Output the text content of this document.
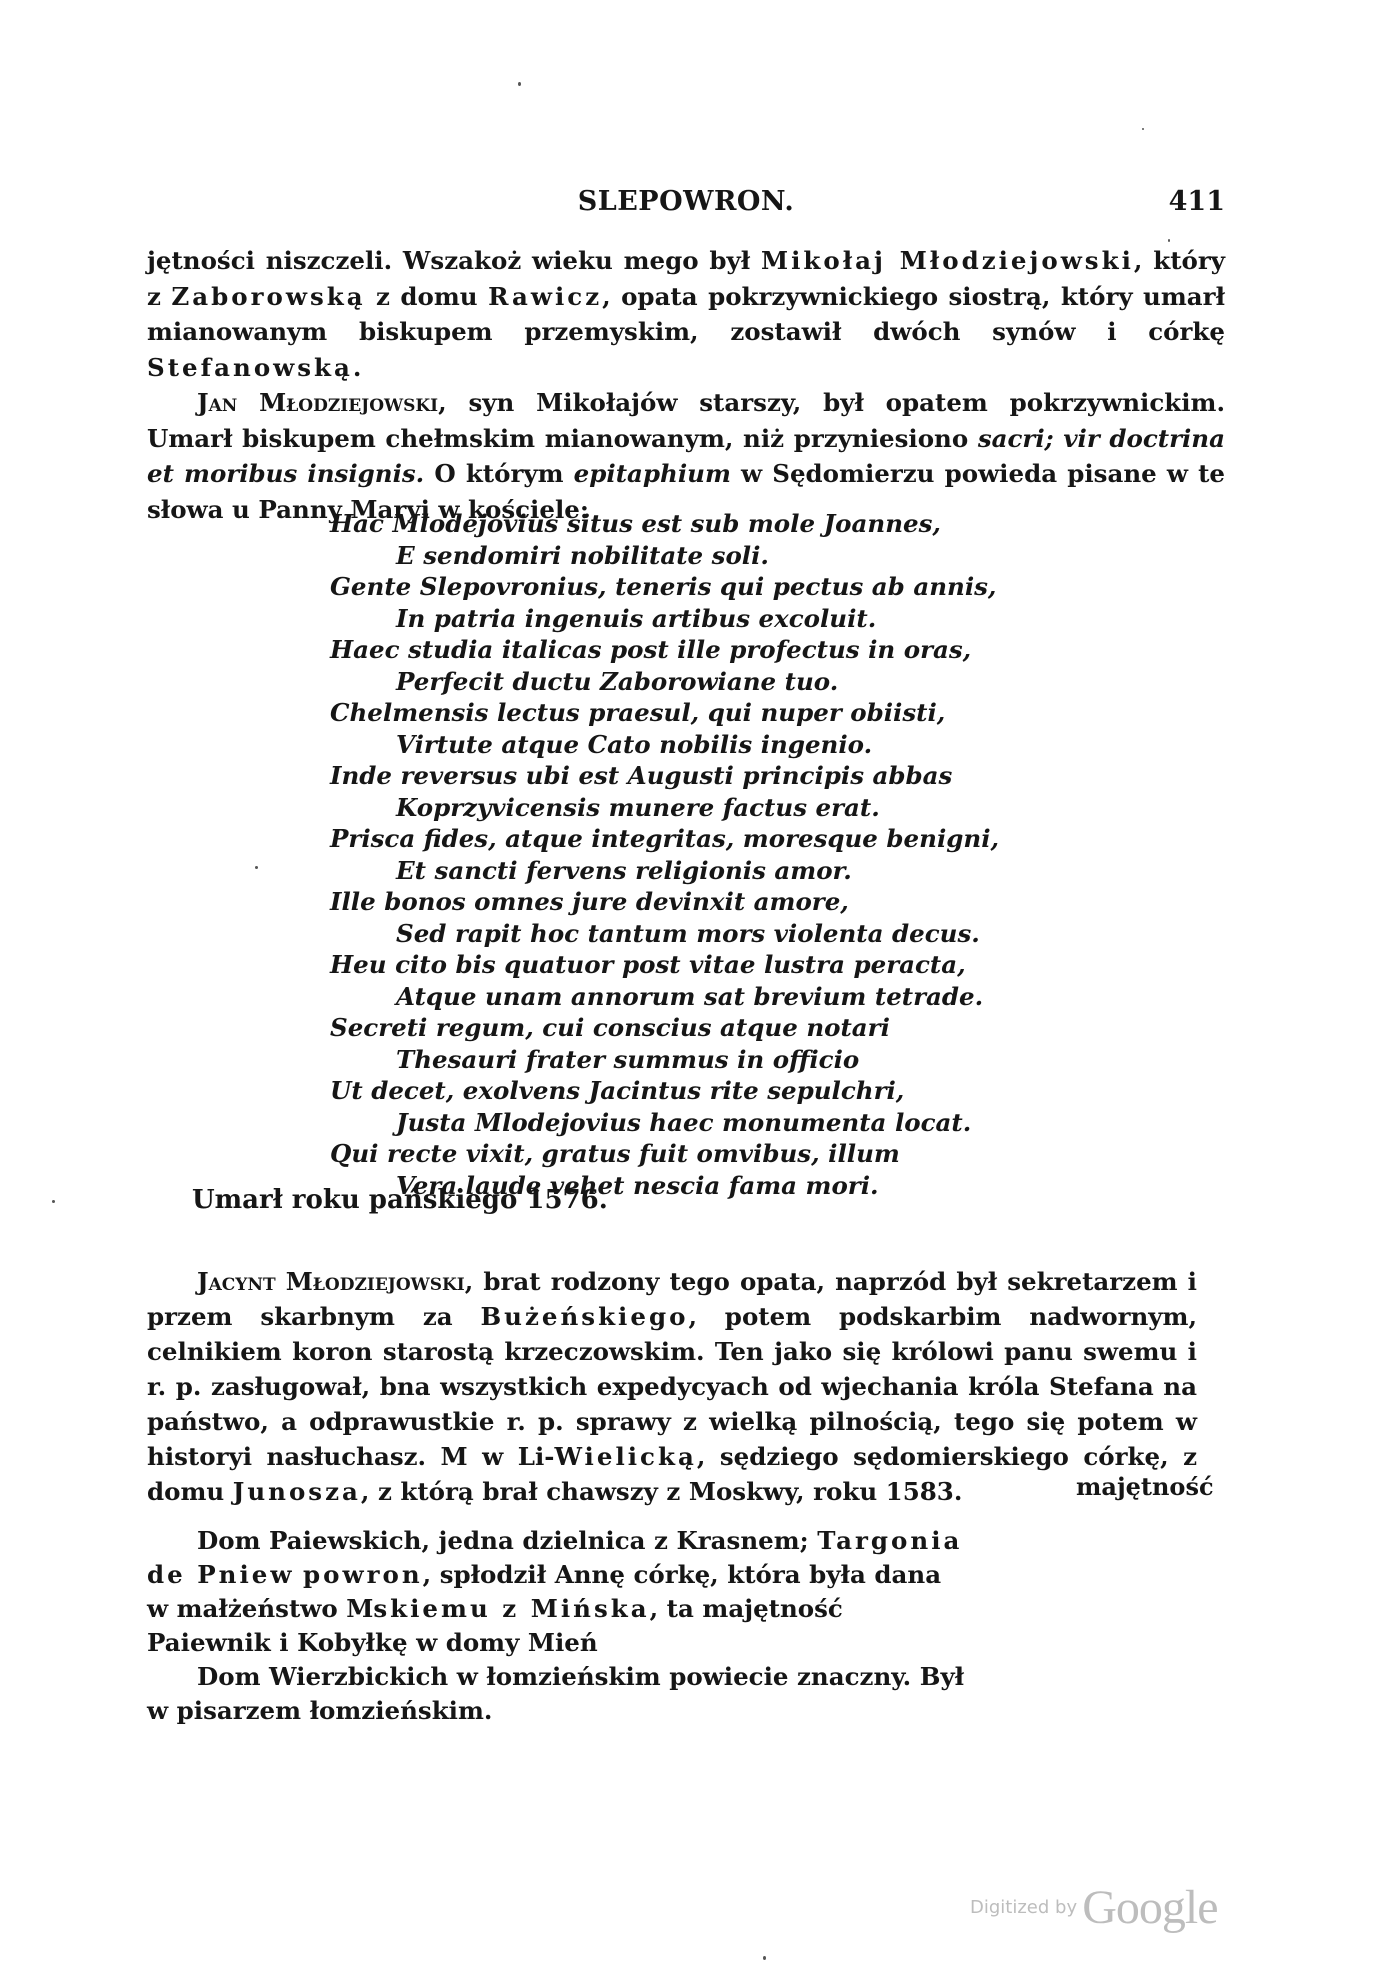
SLEPOWRON.	411

jętności niszczeli. Wszakoż wieku mego był Mikołaj Młodziejowski, który z Zaborowską z domu Rawicz, opata pokrzywnickiego siostrą, który umarł mianowanym biskupem przemyskim, zostawił dwóch synów i córkę Stefanowską.

Jan Młodziejowski, syn Mikołajów starszy, był opatem pokrzywnickim. Umarł biskupem chełmskim mianowanym, niż przyniesiono sacri; vir doctrina et moribus insignis. O którym epitaphium w Sędomierzu powieda pisane w te słowa u Panny Maryi w kościele:

Hac Mlodejovius situs est sub mole Joannes,
E sendomiri nobilitate soli.
Gente Slepovronius, teneris qui pectus ab annis,
In patria ingenuis artibus excoluit.
Haec studia italicas post ille profectus in oras,
Perfecit ductu Zaborowiane tuo.
Chelmensis lectus praesul, qui nuper obiisti,
Virtute atque Cato nobilis ingenio.
Inde reversus ubi est Augusti principis abbas
Koprzyvicensis munere factus erat.
Prisca fides, atque integritas, moresque benigni,
Et sancti fervens religionis amor.
Ille bonos omnes jure devinxit amore,
Sed rapit hoc tantum mors violenta decus.
Heu cito bis quatuor post vitae lustra peracta,
Atque unam annorum sat brevium tetrade.
Secreti regum, cui conscius atque notari
Thesauri frater summus in officio
Ut decet, exolvens Jacintus rite sepulchri,
Justa Mlodejovius haec monumenta locat.
Qui recte vixit, gratus fuit omvibus, illum
Vera laude vehet nescia fama mori.
Umarł roku pańskiego 1576.

Jacynt Młodziejowski, brat rodzony tego opata, naprzód był sekretarzem i przem skarbnym za Bużeńskiego, potem podskarbim nadwornym, celnikiem koron starostą krzeczowskim. Ten jako się królowi panu swemu i r. p. zasługował, bna wszystkich expedycyach od wjechania króla Stefana na państwo, a odprawustkie r. p. sprawy z wielką pilnością, tego się potem w historyi nasłuchasz. M w Li-Wielicką, sędziego sędomierskiego córkę, z domu Junosza, z którą brał chawszy z Moskwy, roku 1583.	majętność

Dom Paiewskich, jedna dzielnica z Krasnem; Targonia de Pniew powron, spłodził Annę córkę, która była dana w małżeństwo Mskiemu z Mińska, ta majętność Paiewnik i Kobyłkę w domy Mień

Dom Wierzbickich w łomzieńskim powiecie znaczny. Był w pisarzem łomzieńskim.

Digitized by Google
